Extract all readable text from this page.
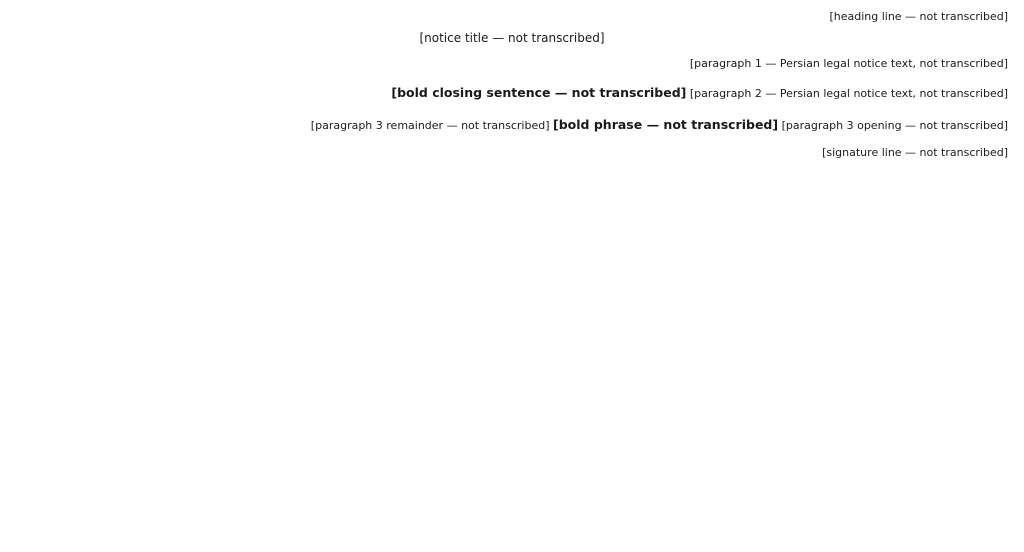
[heading line — not transcribed]
[notice title — not transcribed]

[paragraph 1 — Persian legal notice text, not transcribed]

[paragraph 2 — Persian legal notice text, not transcribed] [bold closing sentence — not transcribed]

[paragraph 3 opening — not transcribed] [bold phrase — not transcribed] [paragraph 3 remainder — not transcribed]

[signature line — not transcribed]
